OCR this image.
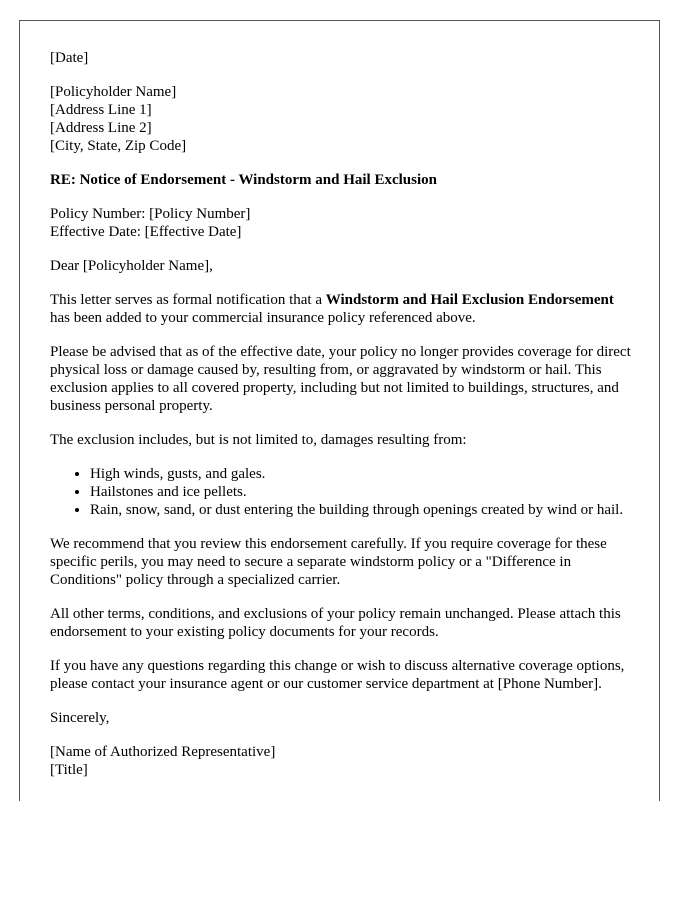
[Date]

[Policyholder Name]
[Address Line 1]
[Address Line 2]
[City, State, Zip Code]

RE: Notice of Endorsement - Windstorm and Hail Exclusion

Policy Number: [Policy Number]
Effective Date: [Effective Date]

Dear [Policyholder Name],

This letter serves as formal notification that a Windstorm and Hail Exclusion Endorsement has been added to your commercial insurance policy referenced above.

Please be advised that as of the effective date, your policy no longer provides coverage for direct physical loss or damage caused by, resulting from, or aggravated by windstorm or hail. This exclusion applies to all covered property, including but not limited to buildings, structures, and business personal property.

The exclusion includes, but is not limited to, damages resulting from:

• High winds, gusts, and gales.
• Hailstones and ice pellets.
• Rain, snow, sand, or dust entering the building through openings created by wind or hail.

We recommend that you review this endorsement carefully. If you require coverage for these specific perils, you may need to secure a separate windstorm policy or a "Difference in Conditions" policy through a specialized carrier.

All other terms, conditions, and exclusions of your policy remain unchanged. Please attach this endorsement to your existing policy documents for your records.

If you have any questions regarding this change or wish to discuss alternative coverage options, please contact your insurance agent or our customer service department at [Phone Number].

Sincerely,

[Name of Authorized Representative]
[Title]
